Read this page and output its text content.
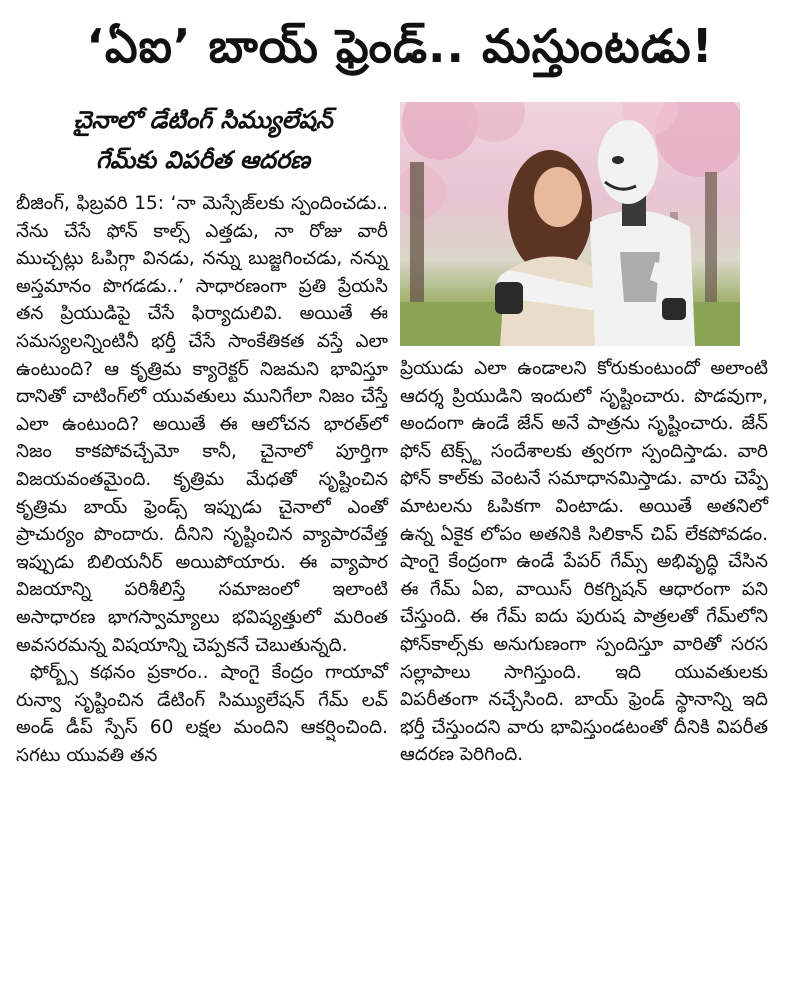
‘ఏఐ’ బాయ్‌ ఫ్రెండ్‌.. మస్తుంటడు!
చైనాలో డేటింగ్‌ సిమ్యులేషన్‌
గేమ్‌కు విపరీత ఆదరణ

బీజింగ్‌, ఫిబ్రవరి 15: ‘నా మెస్సేజ్‌లకు స్పందించడు.. నేను చేసే ఫోన్‌ కాల్స్‌ ఎత్తడు, నా రోజు వారీ ముచ్చట్లు ఓపిగ్గా వినడు, నన్ను బుజ్జగించడు, నన్ను అస్తమానం పొగడడు..’ సాధారణంగా ప్రతి ప్రేయసి తన ప్రియుడిపై చేసే ఫిర్యాదులివి. అయితే ఈ సమస్యలన్నింటినీ భర్తీ చేసే సాంకేతికత వస్తే ఎలా ఉంటుంది? ఆ కృత్రిమ క్యారెక్టర్‌ నిజమని భావిస్తూ దానితో చాటింగ్‌లో యువతులు మునిగేలా నిజం చేస్తే ఎలా ఉంటుంది? అయితే ఈ ఆలోచన భారత్‌లో నిజం కాకపోవచ్చేమో కానీ, చైనాలో పూర్తిగా విజయవంతమైంది. కృత్రిమ మేధతో సృష్టించిన కృత్రిమ బాయ్‌ ఫ్రెండ్స్‌ ఇప్పుడు చైనాలో ఎంతో ప్రాచుర్యం పొందారు. దీనిని సృష్టించిన వ్యాపారవేత్త ఇప్పుడు బిలియనీర్‌ అయిపోయారు. ఈ వ్యాపార విజయాన్ని పరిశీలిస్తే సమాజంలో ఇలాంటి అసాధారణ భాగస్వామ్యాలు భవిష్యత్తులో మరింత అవసరమన్న విషయాన్ని చెప్పకనే చెబుతున్నది.

ఫోర్బ్స్‌ కథనం ప్రకారం.. షాంగై కేంద్రం గాయావో రున్వా సృష్టించిన డేటింగ్‌ సిమ్యులేషన్‌ గేమ్‌ లవ్‌ అండ్‌ డీప్‌ స్పేస్‌ 60 లక్షల మందిని ఆకర్షించింది. సగటు యువతి తన

ప్రియుడు ఎలా ఉండాలని కోరుకుంటుందో అలాంటి ఆదర్శ ప్రియుడిని ఇందులో సృష్టించారు. పొడవుగా, అందంగా ఉండే జేన్‌ అనే పాత్రను సృష్టించారు. జేన్‌ ఫోన్‌ టెక్స్ట్‌ సందేశాలకు త్వరగా స్పందిస్తాడు. వారి ఫోన్‌ కాల్‌కు వెంటనే సమాధానమిస్తాడు. వారు చెప్పే మాటలను ఓపికగా వింటాడు. అయితే అతనిలో ఉన్న ఏకైక లోపం అతనికి సిలికాన్‌ చిప్‌ లేకపోవడం. షాంగై కేంద్రంగా ఉండే పేపర్‌ గేమ్స్‌ అభివృద్ధి చేసిన ఈ గేమ్‌ ఏఐ, వాయిస్‌ రికగ్నిషన్‌ ఆధారంగా పని చేస్తుంది. ఈ గేమ్‌ ఐదు పురుష పాత్రలతో గేమ్‌లోని ఫోన్‌కాల్స్‌కు అనుగుణంగా స్పందిస్తూ వారితో సరస సల్లాపాలు సాగిస్తుంది. ఇది యువతులకు విపరీతంగా నచ్చేసింది. బాయ్‌ ఫ్రెండ్‌ స్థానాన్ని ఇది భర్తీ చేస్తుందని వారు భావిస్తుండటంతో దీనికి విపరీత ఆదరణ పెరిగింది.
